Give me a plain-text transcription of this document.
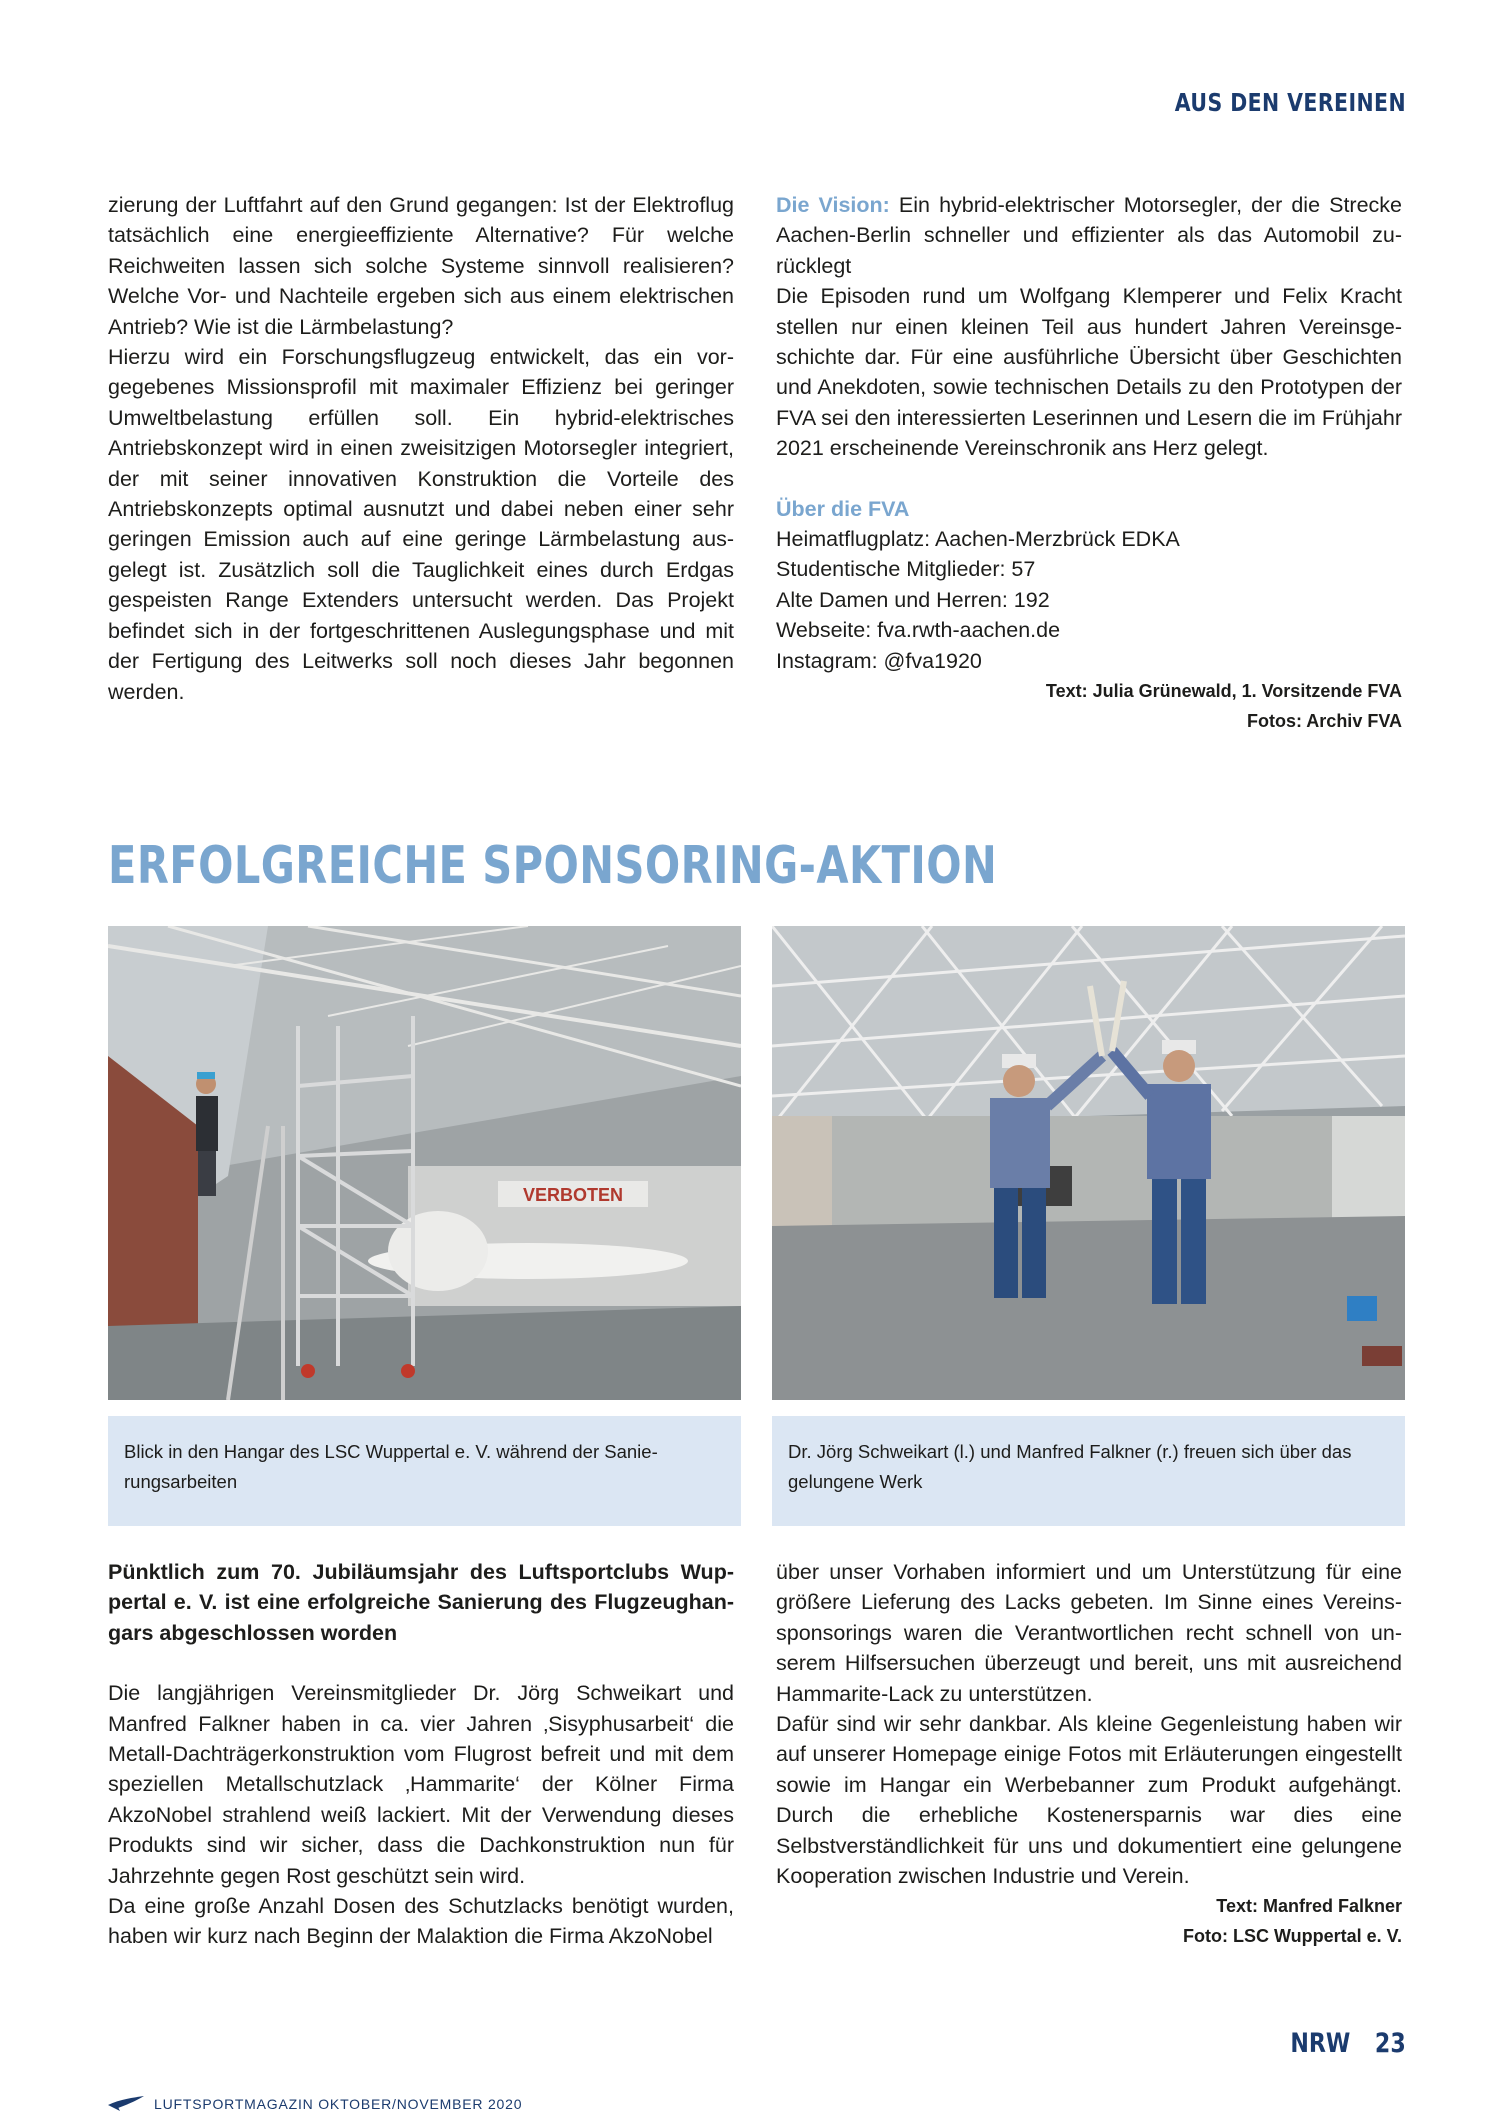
AUS DEN VEREINEN

zierung der Luftfahrt auf den Grund gegangen: Ist der Elektroflug tatsächlich eine energieeffiziente Alternative? Für welche Reichweiten lassen sich solche Systeme sinnvoll realisieren? Welche Vor- und Nachteile ergeben sich aus einem elektrischen Antrieb? Wie ist die Lärmbelastung?

Hierzu wird ein Forschungsflugzeug entwickelt, das ein vorgegebenes Missionsprofil mit maximaler Effizienz bei geringer Umweltbelastung erfüllen soll. Ein hybrid-elektrisches Antriebskonzept wird in einen zweisitzigen Motorsegler integriert, der mit seiner innovativen Konstruktion die Vorteile des Antriebskonzepts optimal ausnutzt und dabei neben einer sehr geringen Emission auch auf eine geringe Lärmbelastung ausgelegt ist. Zusätzlich soll die Tauglichkeit eines durch Erdgas gespeisten Range Extenders untersucht werden. Das Projekt befindet sich in der fortgeschrittenen Auslegungsphase und mit der Fertigung des Leitwerks soll noch dieses Jahr begonnen werden.

Die Vision: Ein hybrid-elektrischer Motorsegler, der die Strecke Aachen-Berlin schneller und effizienter als das Automobil zurücklegt

Die Episoden rund um Wolfgang Klemperer und Felix Kracht stellen nur einen kleinen Teil aus hundert Jahren Vereinsgeschichte dar. Für eine ausführliche Übersicht über Geschichten und Anekdoten, sowie technischen Details zu den Prototypen der FVA sei den interessierten Leserinnen und Lesern die im Frühjahr 2021 erscheinende Vereinschronik ans Herz gelegt.

Über die FVA

Heimatflugplatz: Aachen-Merzbrück EDKA

Studentische Mitglieder: 57

Alte Damen und Herren: 192

Webseite: fva.rwth-aachen.de

Instagram: @fva1920

Text: Julia Grünewald, 1. Vorsitzende FVA

Fotos: Archiv FVA

ERFOLGREICHE SPONSORING-AKTION
VERBOTEN
Blick in den Hangar des LSC Wuppertal e. V. während der Sanierungsarbeiten
Dr. Jörg Schweikart (l.) und Manfred Falkner (r.) freuen sich über das gelungene Werk

Pünktlich zum 70. Jubiläumsjahr des Luftsportclubs Wuppertal e. V. ist eine erfolgreiche Sanierung des Flugzeughangars abgeschlossen worden

Die langjährigen Vereinsmitglieder Dr. Jörg Schweikart und Manfred Falkner haben in ca. vier Jahren ‚Sisyphusarbeit‘ die Metall-Dachträgerkonstruktion vom Flugrost befreit und mit dem speziellen Metallschutzlack ‚Hammarite‘ der Kölner Firma AkzoNobel strahlend weiß lackiert. Mit der Verwendung dieses Produkts sind wir sicher, dass die Dachkonstruktion nun für Jahrzehnte gegen Rost geschützt sein wird.

Da eine große Anzahl Dosen des Schutzlacks benötigt wurden, haben wir kurz nach Beginn der Malaktion die Firma AkzoNobel

über unser Vorhaben informiert und um Unterstützung für eine größere Lieferung des Lacks gebeten. Im Sinne eines Vereinssponsorings waren die Verantwortlichen recht schnell von unserem Hilfsersuchen überzeugt und bereit, uns mit ausreichend Hammarite-Lack zu unterstützen.

Dafür sind wir sehr dankbar. Als kleine Gegenleistung haben wir auf unserer Homepage einige Fotos mit Erläuterungen eingestellt sowie im Hangar ein Werbebanner zum Produkt aufgehängt. Durch die erhebliche Kostenersparnis war dies eine Selbstverständlichkeit für uns und dokumentiert eine gelungene Kooperation zwischen Industrie und Verein.

Text: Manfred Falkner

Foto: LSC Wuppertal e. V.

LUFTSPORTMAGAZIN OKTOBER/NOVEMBER 2020
NRW 23
